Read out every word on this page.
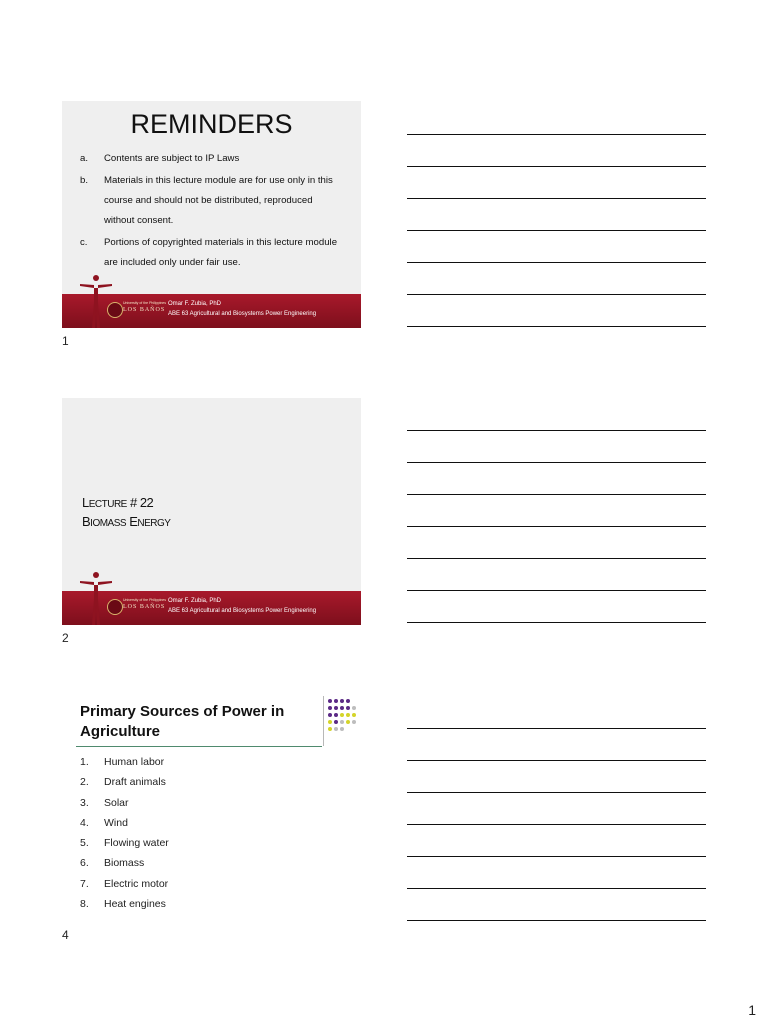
REMINDERS
a. Contents are subject to IP Laws
b. Materials in this lecture module are for use only in this course and should not be distributed, reproduced without consent.
c. Portions of copyrighted materials in this lecture module are included only under fair use.
University of the Philippines
LOS BAÑOS
Omar F. Zubia, PhD
ABE 63 Agricultural and Biosystems Power Engineering
1
LECTURE # 22
BIOMASS ENERGY
University of the Philippines
LOS BAÑOS
Omar F. Zubia, PhD
ABE 63 Agricultural and Biosystems Power Engineering
2
Primary Sources of Power in
Agriculture
1. Human labor
2. Draft animals
3. Solar
4. Wind
5. Flowing water
6. Biomass
7. Electric motor
8. Heat engines
4
1
